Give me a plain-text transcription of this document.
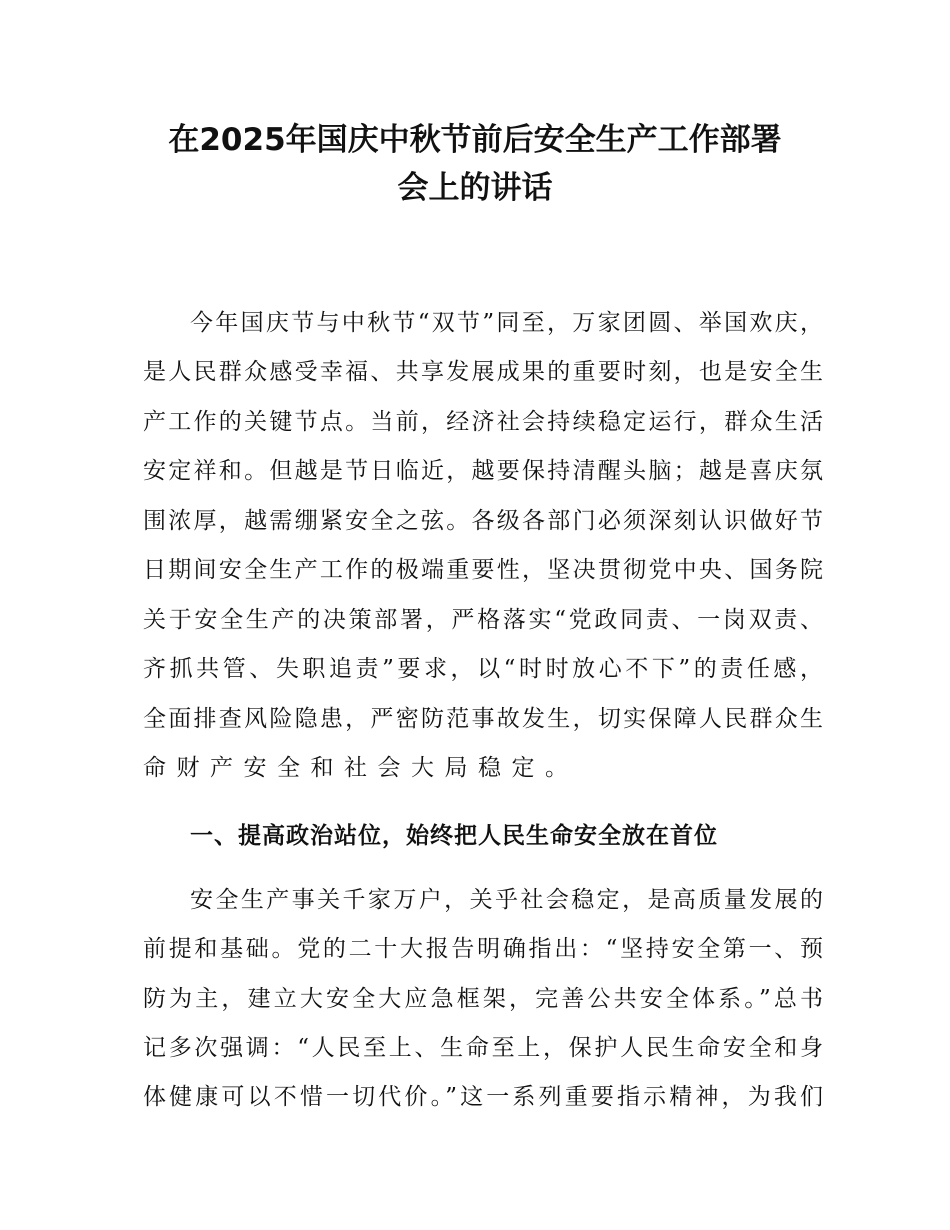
在2025年国庆中秋节前后安全生产工作部署
会上的讲话
今年国庆节与中秋节“双节”同至，万家团圆、举国欢庆，
是人民群众感受幸福、共享发展成果的重要时刻，也是安全生
产工作的关键节点。当前，经济社会持续稳定运行，群众生活
安定祥和。但越是节日临近，越要保持清醒头脑；越是喜庆氛
围浓厚，越需绷紧安全之弦。各级各部门必须深刻认识做好节
日期间安全生产工作的极端重要性，坚决贯彻党中央、国务院
关于安全生产的决策部署，严格落实“党政同责、一岗双责、
齐抓共管、失职追责”要求，以“时时放心不下”的责任感，
全面排查风险隐患，严密防范事故发生，切实保障人民群众生
命财产安全和社会大局稳定。
一、提高政治站位，始终把人民生命安全放在首位
安全生产事关千家万户，关乎社会稳定，是高质量发展的
前提和基础。党的二十大报告明确指出：“坚持安全第一、预
防为主，建立大安全大应急框架，完善公共安全体系。”总书
记多次强调：“人民至上、生命至上，保护人民生命安全和身
体健康可以不惜一切代价。”这一系列重要指示精神，为我们
